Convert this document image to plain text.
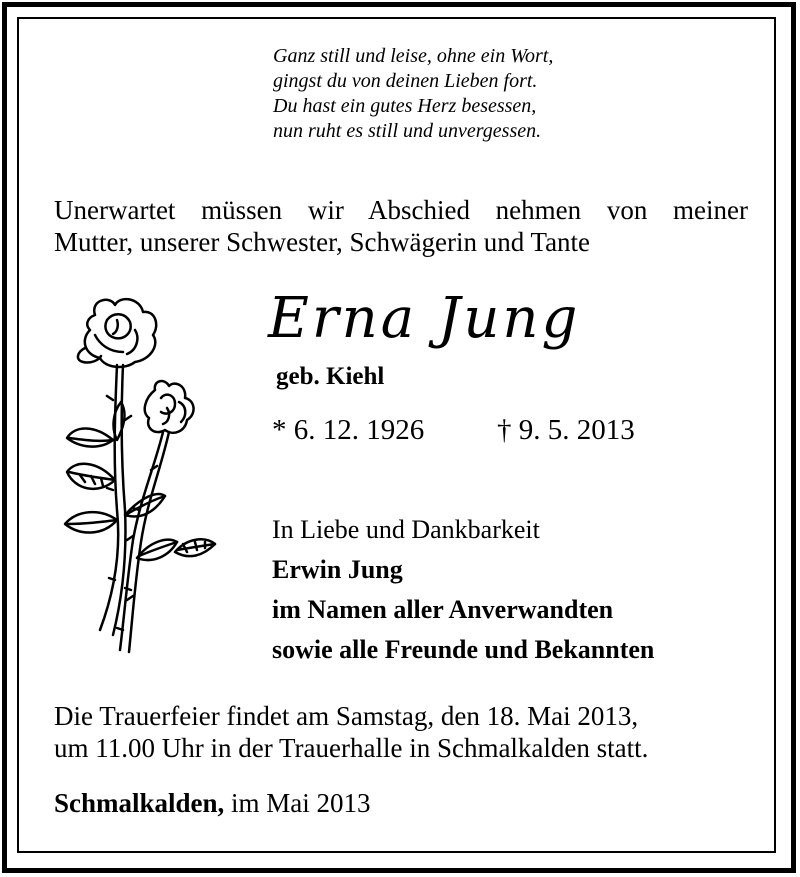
Ganz still und leise, ohne ein Wort,
gingst du von deinen Lieben fort.
Du hast ein gutes Herz besessen,
nun ruht es still und unvergessen.
Unerwartet müssen wir Abschied nehmen von meiner
Mutter, unserer Schwester, Schwägerin und Tante
Erna Jung
geb. Kiehl
* 6. 12. 1926	† 9. 5. 2013
In Liebe und Dankbarkeit
Erwin Jung
im Namen aller Anverwandten
sowie alle Freunde und Bekannten
Die Trauerfeier findet am Samstag, den 18. Mai 2013,
um 11.00 Uhr in der Trauerhalle in Schmalkalden statt.
Schmalkalden, im Mai 2013
